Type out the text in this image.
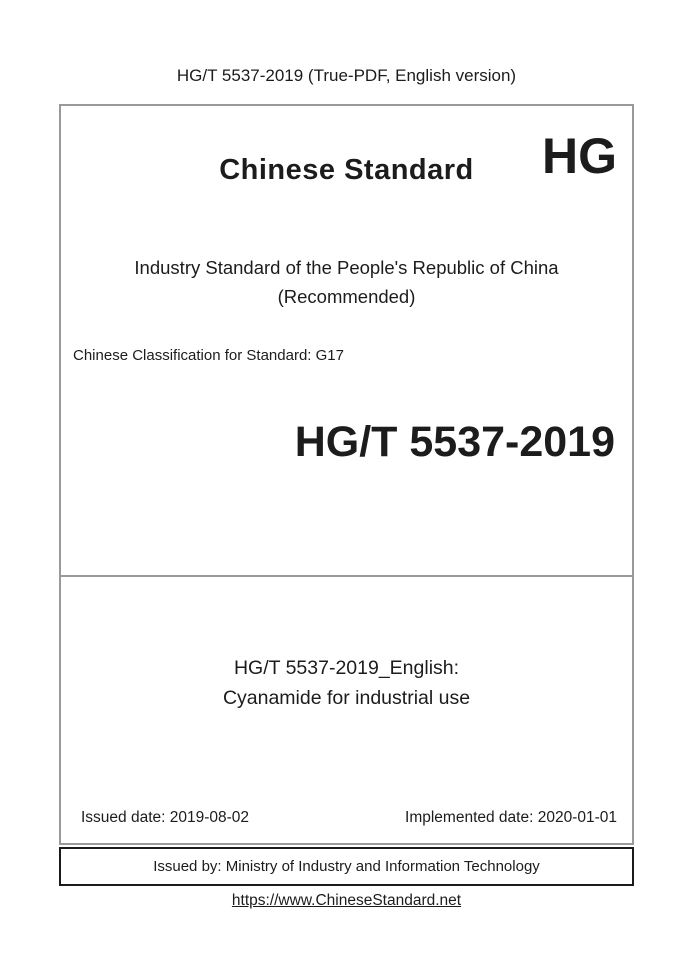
HG/T 5537-2019 (True-PDF, English version)
Chinese Standard	HG
Industry Standard of the People's Republic of China
(Recommended)
Chinese Classification for Standard: G17
HG/T 5537-2019
HG/T 5537-2019_English:
Cyanamide for industrial use
Issued date: 2019-08-02	Implemented date: 2020-01-01
Issued by: Ministry of Industry and Information Technology
https://www.ChineseStandard.net
